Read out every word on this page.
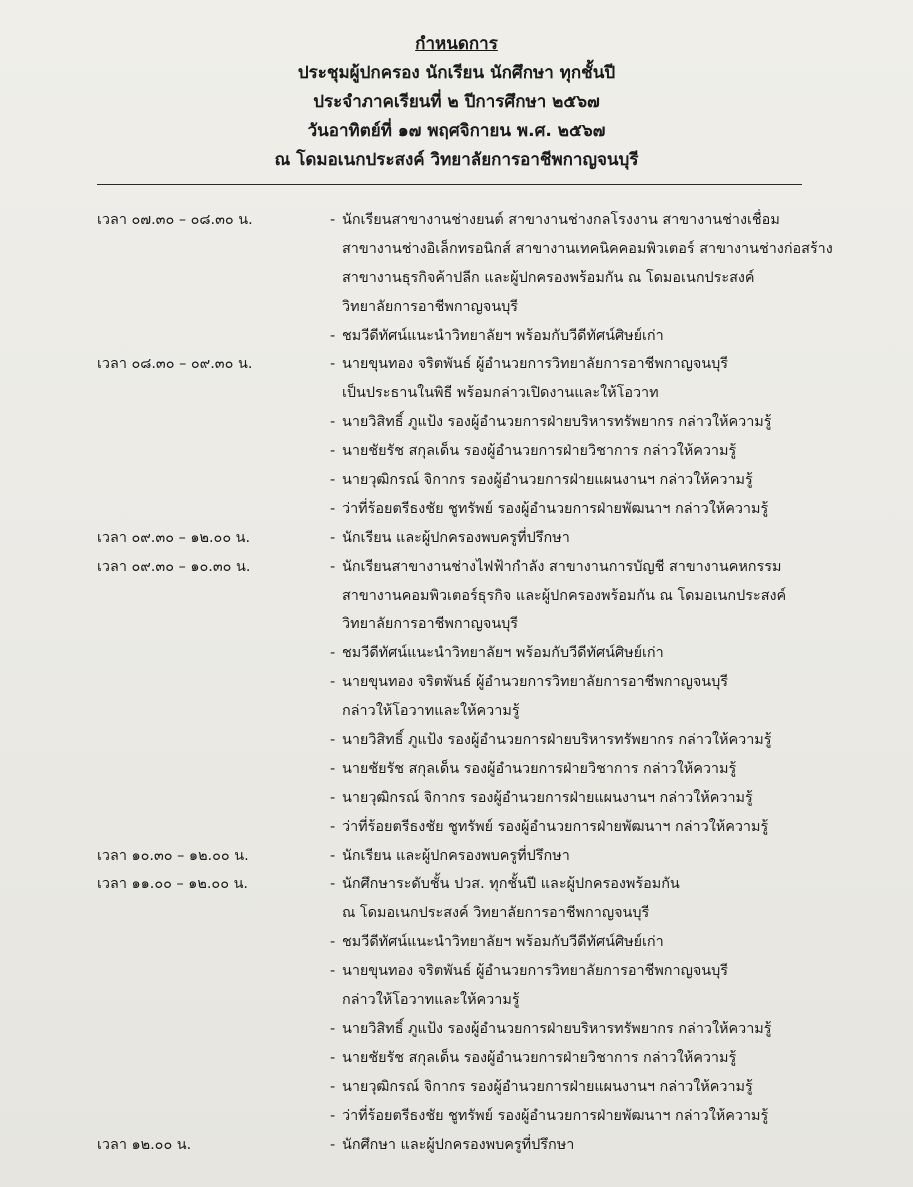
กำหนดการ
ประชุมผู้ปกครอง นักเรียน นักศึกษา ทุกชั้นปี
ประจำภาคเรียนที่ ๒ ปีการศึกษา ๒๕๖๗
วันอาทิตย์ที่ ๑๗ พฤศจิกายน พ.ศ. ๒๕๖๗
ณ โดมอเนกประสงค์ วิทยาลัยการอาชีพกาญจนบุรี
เวลา ๐๗.๓๐ – ๐๘.๓๐ น.	- นักเรียนสาขางานช่างยนต์ สาขางานช่างกลโรงงาน สาขางานช่างเชื่อม
สาขางานช่างอิเล็กทรอนิกส์ สาขางานเทคนิคคอมพิวเตอร์ สาขางานช่างก่อสร้าง
สาขางานธุรกิจค้าปลีก และผู้ปกครองพร้อมกัน ณ โดมอเนกประสงค์
วิทยาลัยการอาชีพกาญจนบุรี
- ชมวีดีทัศน์แนะนำวิทยาลัยฯ พร้อมกับวีดีทัศน์ศิษย์เก่า
เวลา ๐๘.๓๐ – ๐๙.๓๐ น.	- นายขุนทอง จริตพันธ์ ผู้อำนวยการวิทยาลัยการอาชีพกาญจนบุรี
เป็นประธานในพิธี พร้อมกล่าวเปิดงานและให้โอวาท
- นายวิสิทธิ์ ภูแป้ง รองผู้อำนวยการฝ่ายบริหารทรัพยากร กล่าวให้ความรู้
- นายชัยรัช สกุลเด็น รองผู้อำนวยการฝ่ายวิชาการ กล่าวให้ความรู้
- นายวุฒิกรณ์ จิกากร รองผู้อำนวยการฝ่ายแผนงานฯ กล่าวให้ความรู้
- ว่าที่ร้อยตรีธงชัย ชูทรัพย์ รองผู้อำนวยการฝ่ายพัฒนาฯ กล่าวให้ความรู้
เวลา ๐๙.๓๐ – ๑๒.๐๐ น.	- นักเรียน และผู้ปกครองพบครูที่ปรึกษา
เวลา ๐๙.๓๐ – ๑๐.๓๐ น.	- นักเรียนสาขางานช่างไฟฟ้ากำลัง สาขางานการบัญชี สาขางานคหกรรม
สาขางานคอมพิวเตอร์ธุรกิจ และผู้ปกครองพร้อมกัน ณ โดมอเนกประสงค์
วิทยาลัยการอาชีพกาญจนบุรี
- ชมวีดีทัศน์แนะนำวิทยาลัยฯ พร้อมกับวีดีทัศน์ศิษย์เก่า
- นายขุนทอง จริตพันธ์ ผู้อำนวยการวิทยาลัยการอาชีพกาญจนบุรี
กล่าวให้โอวาทและให้ความรู้
- นายวิสิทธิ์ ภูแป้ง รองผู้อำนวยการฝ่ายบริหารทรัพยากร กล่าวให้ความรู้
- นายชัยรัช สกุลเด็น รองผู้อำนวยการฝ่ายวิชาการ กล่าวให้ความรู้
- นายวุฒิกรณ์ จิกากร รองผู้อำนวยการฝ่ายแผนงานฯ กล่าวให้ความรู้
- ว่าที่ร้อยตรีธงชัย ชูทรัพย์ รองผู้อำนวยการฝ่ายพัฒนาฯ กล่าวให้ความรู้
เวลา ๑๐.๓๐ – ๑๒.๐๐ น.	- นักเรียน และผู้ปกครองพบครูที่ปรึกษา
เวลา ๑๑.๐๐ – ๑๒.๐๐ น.	- นักศึกษาระดับชั้น ปวส. ทุกชั้นปี และผู้ปกครองพร้อมกัน
ณ โดมอเนกประสงค์ วิทยาลัยการอาชีพกาญจนบุรี
- ชมวีดีทัศน์แนะนำวิทยาลัยฯ พร้อมกับวีดีทัศน์ศิษย์เก่า
- นายขุนทอง จริตพันธ์ ผู้อำนวยการวิทยาลัยการอาชีพกาญจนบุรี
กล่าวให้โอวาทและให้ความรู้
- นายวิสิทธิ์ ภูแป้ง รองผู้อำนวยการฝ่ายบริหารทรัพยากร กล่าวให้ความรู้
- นายชัยรัช สกุลเด็น รองผู้อำนวยการฝ่ายวิชาการ กล่าวให้ความรู้
- นายวุฒิกรณ์ จิกากร รองผู้อำนวยการฝ่ายแผนงานฯ กล่าวให้ความรู้
- ว่าที่ร้อยตรีธงชัย ชูทรัพย์ รองผู้อำนวยการฝ่ายพัฒนาฯ กล่าวให้ความรู้
เวลา ๑๒.๐๐ น.	- นักศึกษา และผู้ปกครองพบครูที่ปรึกษา
